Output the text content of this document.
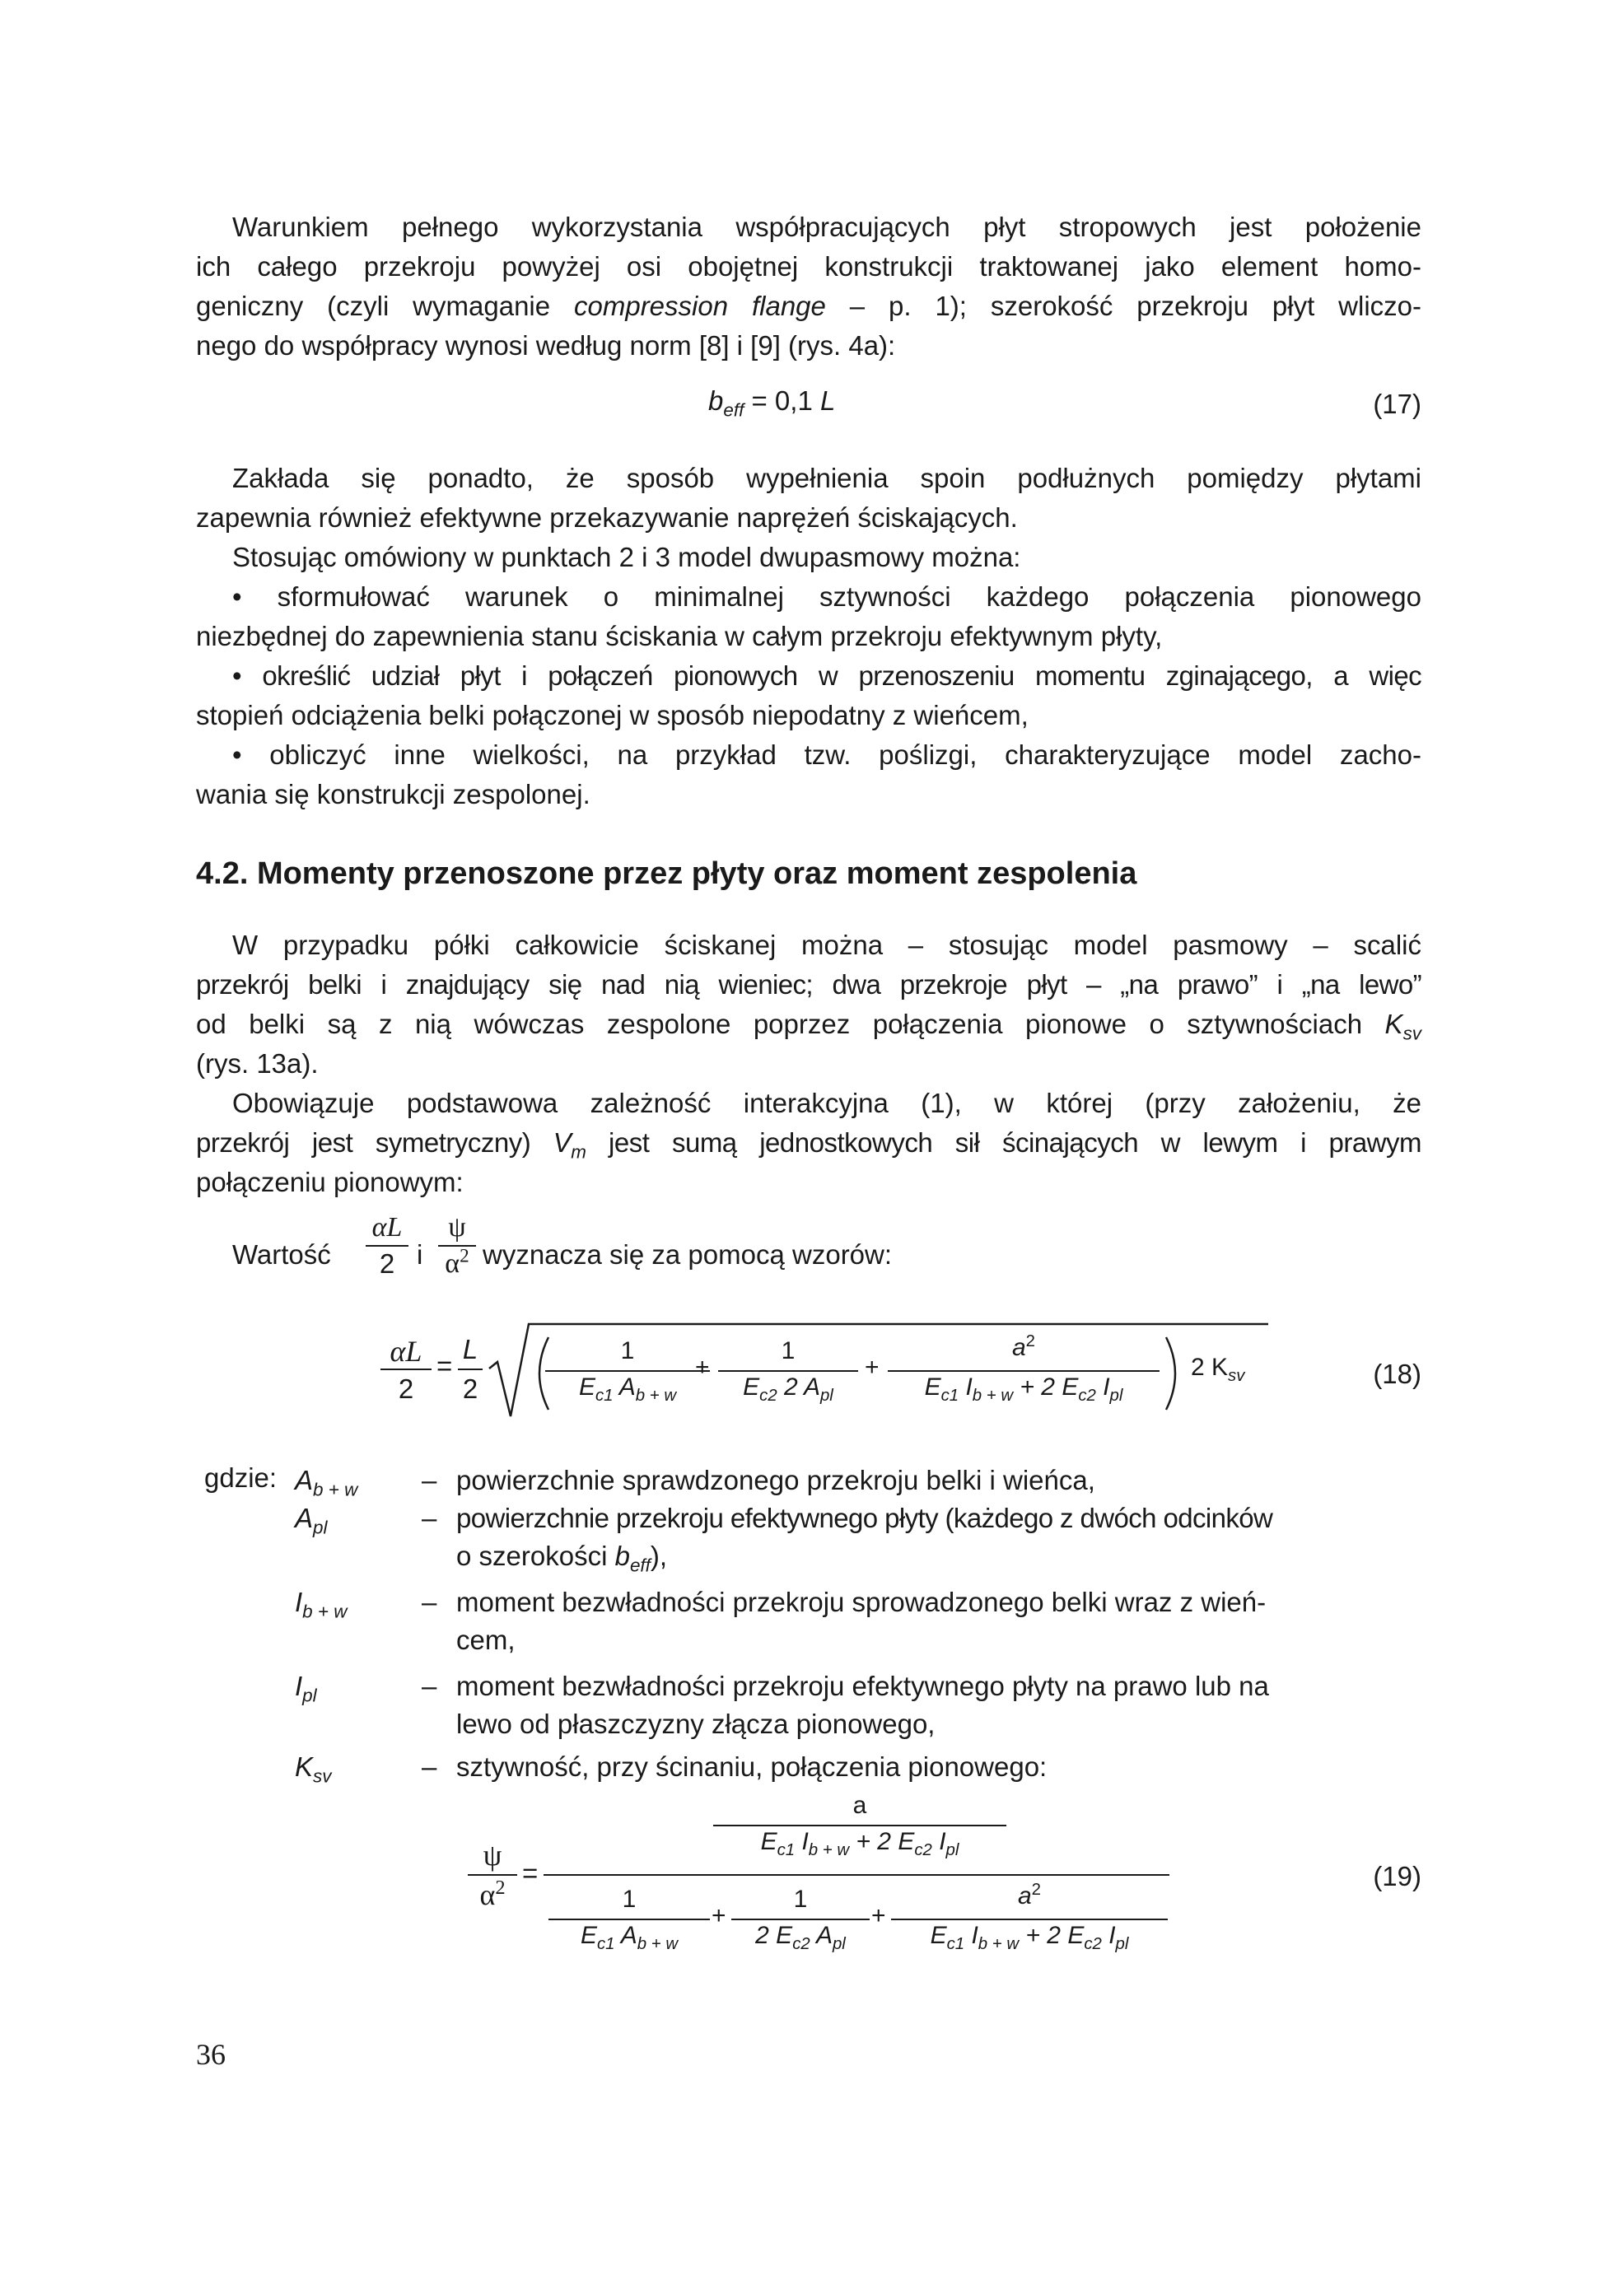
Warunkiem pełnego wykorzystania współpracujących płyt stropowych jest położenie
ich całego przekroju powyżej osi obojętnej konstrukcji traktowanej jako element homo-
geniczny (czyli wymaganie compression flange – p. 1); szerokość przekroju płyt wliczo-
nego do współpracy wynosi według norm [8] i [9] (rys. 4a):
$b_{eff} = 0,1$ L	(17)
Zakłada się ponadto, że sposób wypełnienia spoin podłużnych pomiędzy płytami
zapewnia również efektywne przekazywanie naprężeń ściskających.
Stosując omówiony w punktach 2 i 3 model dwupasmowy można:
• sformułować warunek o minimalnej sztywności każdego połączenia pionowego
niezbędnej do zapewnienia stanu ściskania w całym przekroju efektywnym płyty,
• określić udział płyt i połączeń pionowych w przenoszeniu momentu zginającego, a więc
stopień odciążenia belki połączonej w sposób niepodatny z wieńcem,
• obliczyć inne wielkości, na przykład tzw. poślizgi, charakteryzujące model zacho-
wania się konstrukcji zespolonej.
4.2. Momenty przenoszone przez płyty oraz moment zespolenia
W przypadku półki całkowicie ściskanej można – stosując model pasmowy – scalić
przekrój belki i znajdujący się nad nią wieniec; dwa przekroje płyt – „na prawo” i „na lewo”
od belki są z nią wówczas zespolone poprzez połączenia pionowe o sztywnościach $K_{sv}$
(rys. 13a).
Obowiązuje podstawowa zależność interakcyjna (1), w której (przy założeniu, że
przekrój jest symetryczny) $V_m$ jest sumą jednostkowych sił ścinających w lewym i prawym
połączeniu pionowym:
Wartość
αL
2 i
ψ
$\alpha^2$ wyznacza się za pomocą wzorów:
αL
2
=
L
2
1
$E_{c1}$ $A_{b + w}$
+
1
$E_{c2}$ 2 $A_{pl}$
+
$a^2$
$E_{c1}$ $I_{b + w} + 2$ $E_{c2}$ $I_{pl}$
2 $K_{sv}$	(18)
gdzie: $A_{b + w}$ – powierzchnie sprawdzonego przekroju belki i wieńca,
$A_{pl}$	– powierzchnie przekroju efektywnego płyty (każdego z dwóch odcinków
o szerokości $b_{eff}$),
$I_{b + w}$	– moment bezwładności przekroju sprowadzonego belki wraz z wień-
cem,
$I_{pl}$	– moment bezwładności przekroju efektywnego płyty na prawo lub na
lewo od płaszczyzny złącza pionowego,
$K_{sv}$	– sztywność, przy ścinaniu, połączenia pionowego:
ψ
$\alpha^2$ =
a
$E_{c1}$ $I_{b + w} + 2$ $E_{c2}$ $I_{pl}$
1
$E_{c1}$ $A_{b + w}$
+
1
2 $E_{c2}$ $A_{pl}$
+
$a^2$
$E_{c1}$ $I_{b + w} + 2$ $E_{c2}$ $I_{pl}$
(19)
36
